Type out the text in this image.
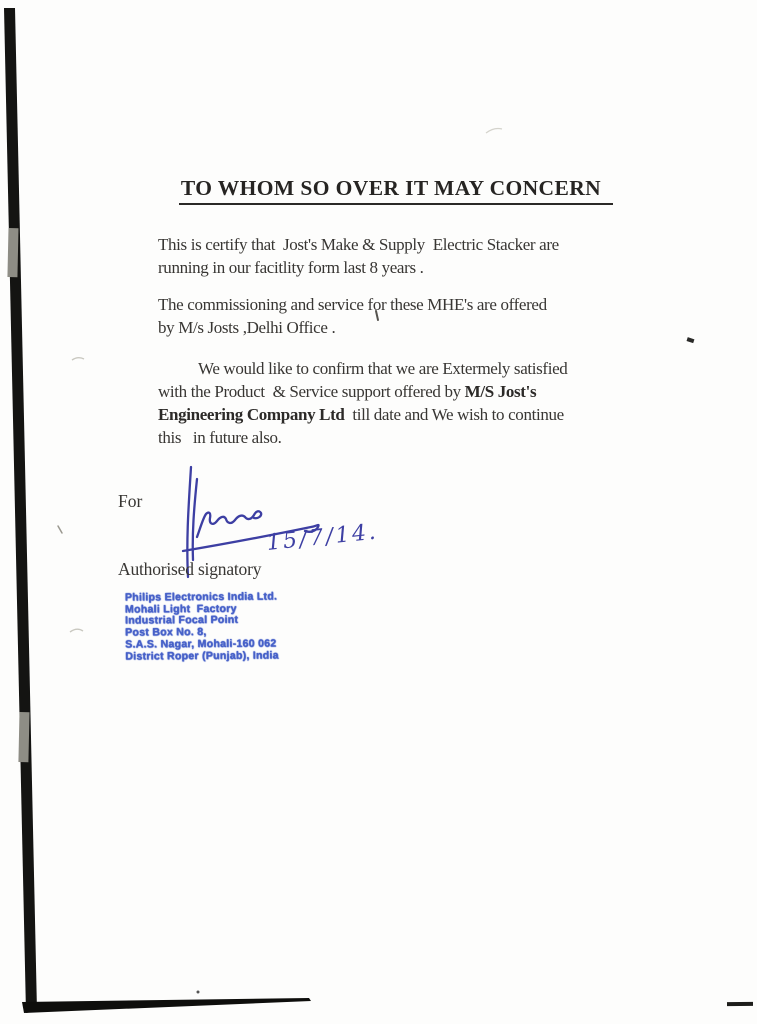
TO WHOM SO OVER IT MAY CONCERN
This is certify that  Jost's Make & Supply  Electric Stacker are
running in our facitlity form last 8 years .
The commissioning and service for these MHE's are offered
by M/s Josts ,Delhi Office .
We would like to confirm that we are Extermely satisfied
with the Product  & Service support offered by M/S Jost's
Engineering Company Ltd  till date and We wish to continue
this   in future also.
For
15/7/14.
Authorised signatory
Philips Electronics India Ltd.
Mohali Light  Factory
Industrial Focal Point
Post Box No. 8,
S.A.S. Nagar, Mohali-160 062
District Roper (Punjab), India
